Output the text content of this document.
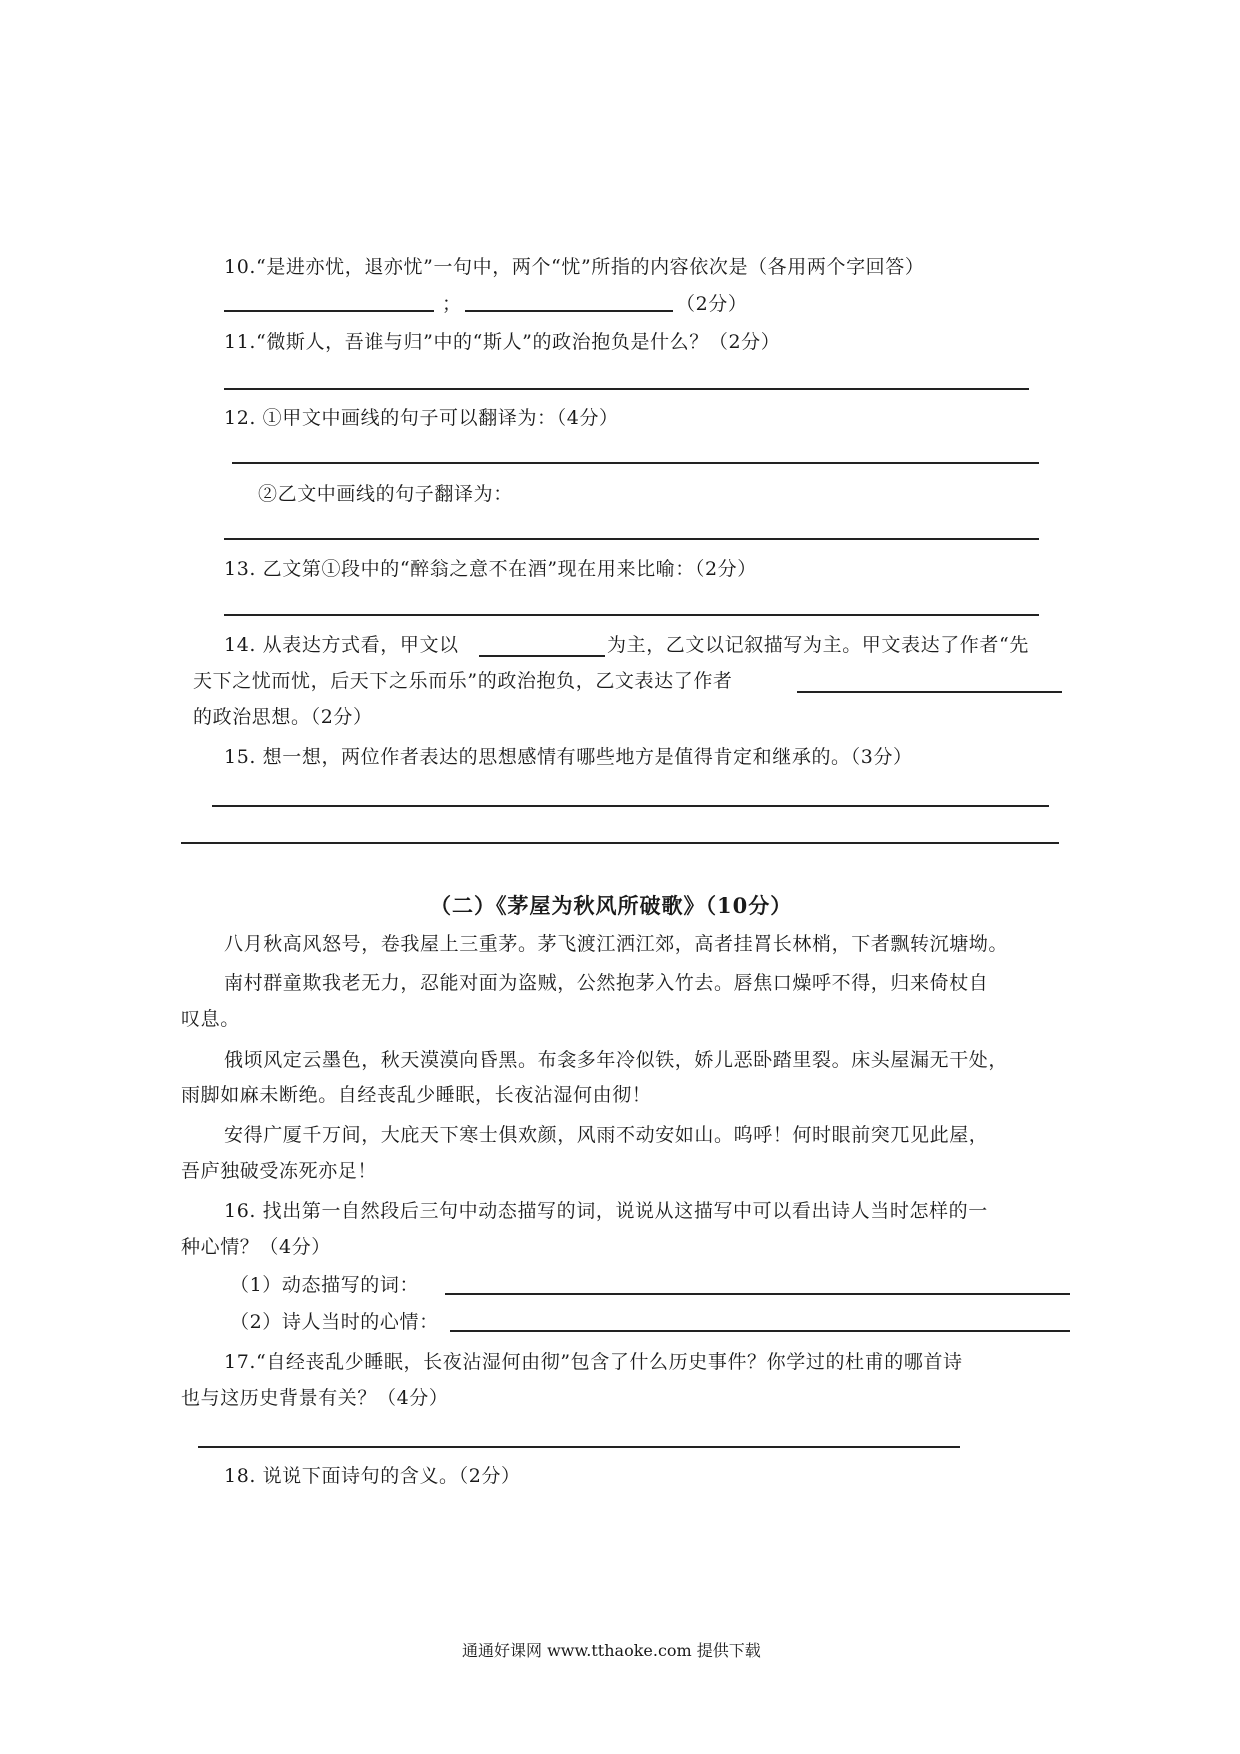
10.“是进亦忧，退亦忧”一句中，两个“忧”所指的内容依次是（各用两个字回答）
；	（2分）
11.“微斯人，吾谁与归”中的“斯人”的政治抱负是什么？（2分）
12. ①甲文中画线的句子可以翻译为：（4分）
②乙文中画线的句子翻译为：
13. 乙文第①段中的“醉翁之意不在酒”现在用来比喻：（2分）
14. 从表达方式看，甲文以	为主，乙文以记叙描写为主。甲文表达了作者“先
天下之忧而忧，后天下之乐而乐”的政治抱负，乙文表达了作者
的政治思想。（2分）
15. 想一想，两位作者表达的思想感情有哪些地方是值得肯定和继承的。（3分）
（二）《茅屋为秋风所破歌》（10分）
八月秋高风怒号，卷我屋上三重茅。茅飞渡江洒江郊，高者挂罥长林梢，下者飘转沉塘坳。
南村群童欺我老无力，忍能对面为盗贼，公然抱茅入竹去。唇焦口燥呼不得，归来倚杖自
叹息。
俄顷风定云墨色，秋天漠漠向昏黑。布衾多年冷似铁，娇儿恶卧踏里裂。床头屋漏无干处，
雨脚如麻未断绝。自经丧乱少睡眠，长夜沾湿何由彻！
安得广厦千万间，大庇天下寒士俱欢颜，风雨不动安如山。呜呼！何时眼前突兀见此屋，
吾庐独破受冻死亦足！
16. 找出第一自然段后三句中动态描写的词，说说从这描写中可以看出诗人当时怎样的一
种心情？（4分）
（1）动态描写的词：
（2）诗人当时的心情：
17.“自经丧乱少睡眠，长夜沾湿何由彻”包含了什么历史事件？你学过的杜甫的哪首诗
也与这历史背景有关？（4分）
18. 说说下面诗句的含义。（2分）
通通好课网 www.tthaoke.com 提供下载
